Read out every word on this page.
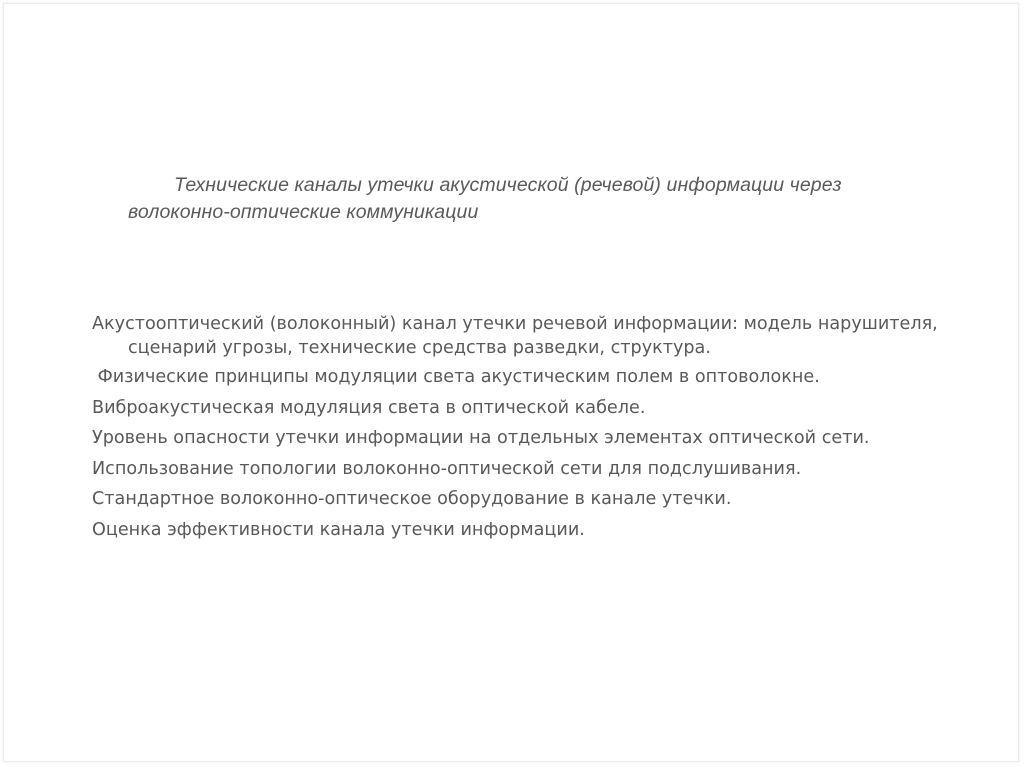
Технические каналы утечки акустической (речевой) информации через волоконно-оптические коммуникации

Акустооптический (волоконный) канал утечки речевой информации: модель нарушителя, сценарий угрозы, технические средства разведки, структура.
Физические принципы модуляции света акустическим полем в оптоволокне.
Виброакустическая модуляция света в оптической кабеле.
Уровень опасности утечки информации на отдельных элементах оптической сети.
Использование топологии волоконно-оптической сети для подслушивания.
Стандартное волоконно-оптическое оборудование в канале утечки.
Оценка эффективности канала утечки информации.
